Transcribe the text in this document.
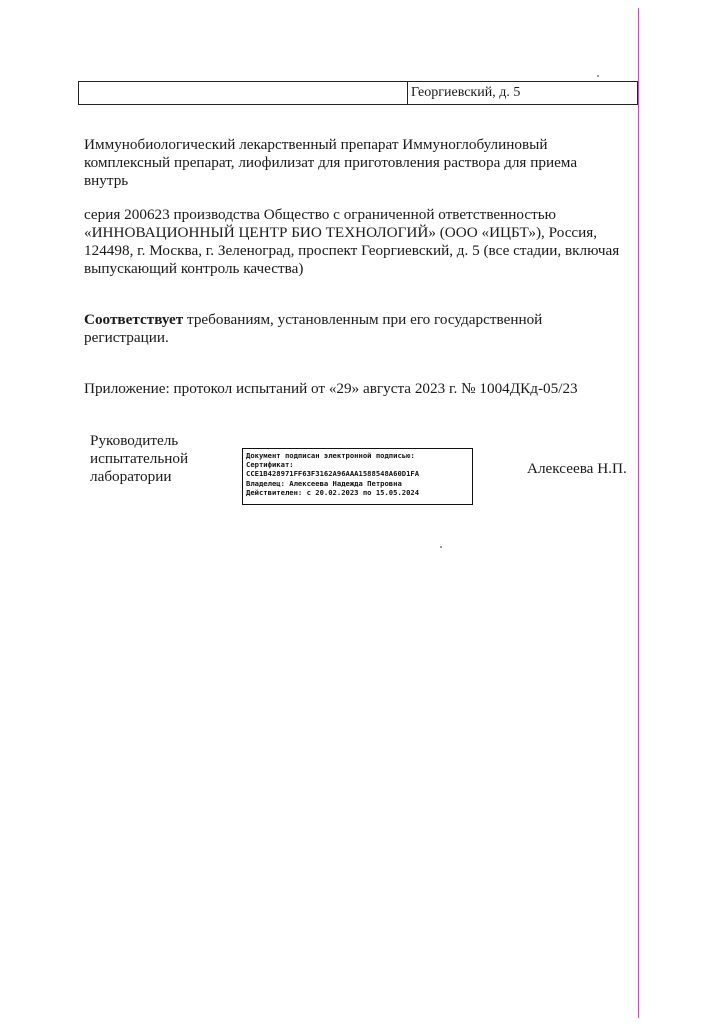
Георгиевский, д. 5

Иммунобиологический лекарственный препарат Иммуноглобулиновый
комплексный препарат, лиофилизат для приготовления раствора для приема
внутрь

серия 200623 производства Общество с ограниченной ответственностью
«ИННОВАЦИОННЫЙ ЦЕНТР БИО ТЕХНОЛОГИЙ» (ООО «ИЦБТ»), Россия,
124498, г. Москва, г. Зеленоград, проспект Георгиевский, д. 5 (все стадии, включая
выпускающий контроль качества)

Соответствует требованиям, установленным при его государственной
регистрации.

Приложение: протокол испытаний от «29» августа 2023 г. № 1004ДКд-05/23

Руководитель
испытательной
лаборатории
Документ подписан электронной подписью:
Сертификат:
CCE1B428971FF63F3162A96AAA1588548A60D1FA
Владелец: Алексеева Надежда Петровна
Действителен: с 20.02.2023 по 15.05.2024
Алексеева Н.П.
